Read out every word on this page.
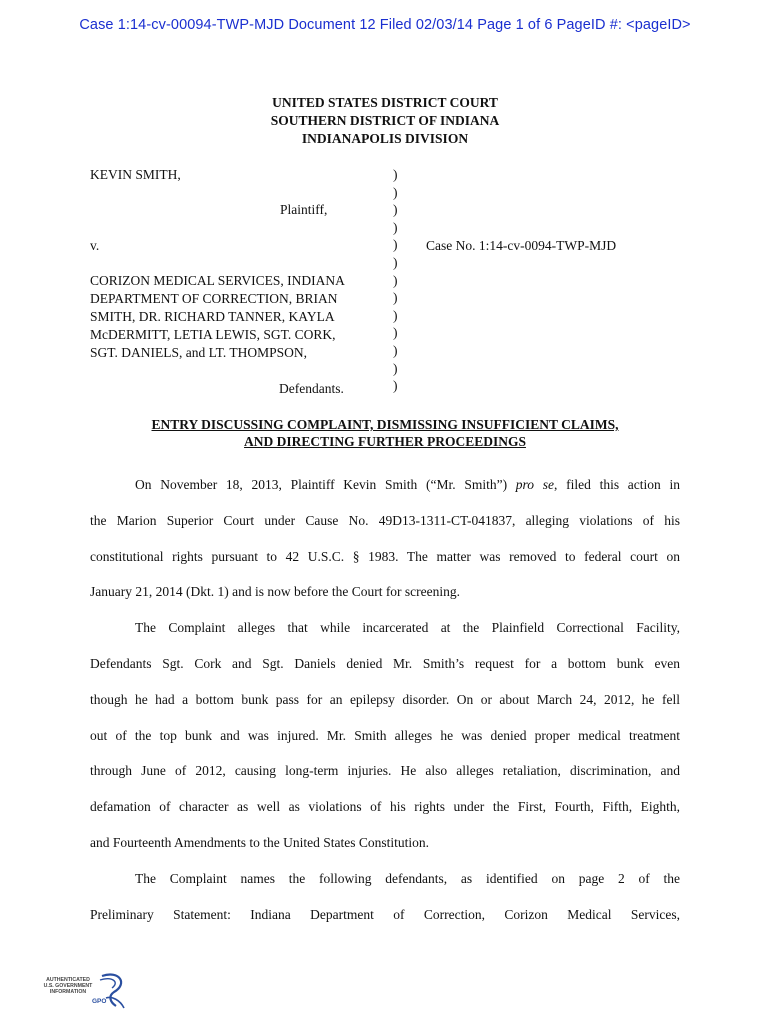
Case 1:14-cv-00094-TWP-MJD Document 12 Filed 02/03/14 Page 1 of 6 PageID #: <pageID>
UNITED STATES DISTRICT COURT
SOUTHERN DISTRICT OF INDIANA
INDIANAPOLIS DIVISION
KEVIN SMITH,
Plaintiff,
v.	Case No. 1:14-cv-0094-TWP-MJD
CORIZON MEDICAL SERVICES, INDIANA
DEPARTMENT OF CORRECTION, BRIAN
SMITH, DR. RICHARD TANNER, KAYLA
McDERMITT, LETIA LEWIS, SGT. CORK,
SGT. DANIELS, and LT. THOMPSON,
Defendants.
)
)
)
)
)
)
)
)
)
)
)
)
)
ENTRY DISCUSSING COMPLAINT, DISMISSING INSUFFICIENT CLAIMS,
AND DIRECTING FURTHER PROCEEDINGS
On November 18, 2013, Plaintiff Kevin Smith (“Mr. Smith”) pro se, filed this action in
the Marion Superior Court under Cause No. 49D13-1311-CT-041837, alleging violations of his
constitutional rights pursuant to 42 U.S.C. § 1983. The matter was removed to federal court on
January 21, 2014 (Dkt. 1) and is now before the Court for screening.
The Complaint alleges that while incarcerated at the Plainfield Correctional Facility,
Defendants Sgt. Cork and Sgt. Daniels denied Mr. Smith’s request for a bottom bunk even
though he had a bottom bunk pass for an epilepsy disorder. On or about March 24, 2012, he fell
out of the top bunk and was injured. Mr. Smith alleges he was denied proper medical treatment
through June of 2012, causing long-term injuries. He also alleges retaliation, discrimination, and
defamation of character as well as violations of his rights under the First, Fourth, Fifth, Eighth,
and Fourteenth Amendments to the United States Constitution.
The Complaint names the following defendants, as identified on page 2 of the
Preliminary Statement: Indiana Department of Correction, Corizon Medical Services,
AUTHENTICATED
U.S. GOVERNMENT
INFORMATION
GPO
